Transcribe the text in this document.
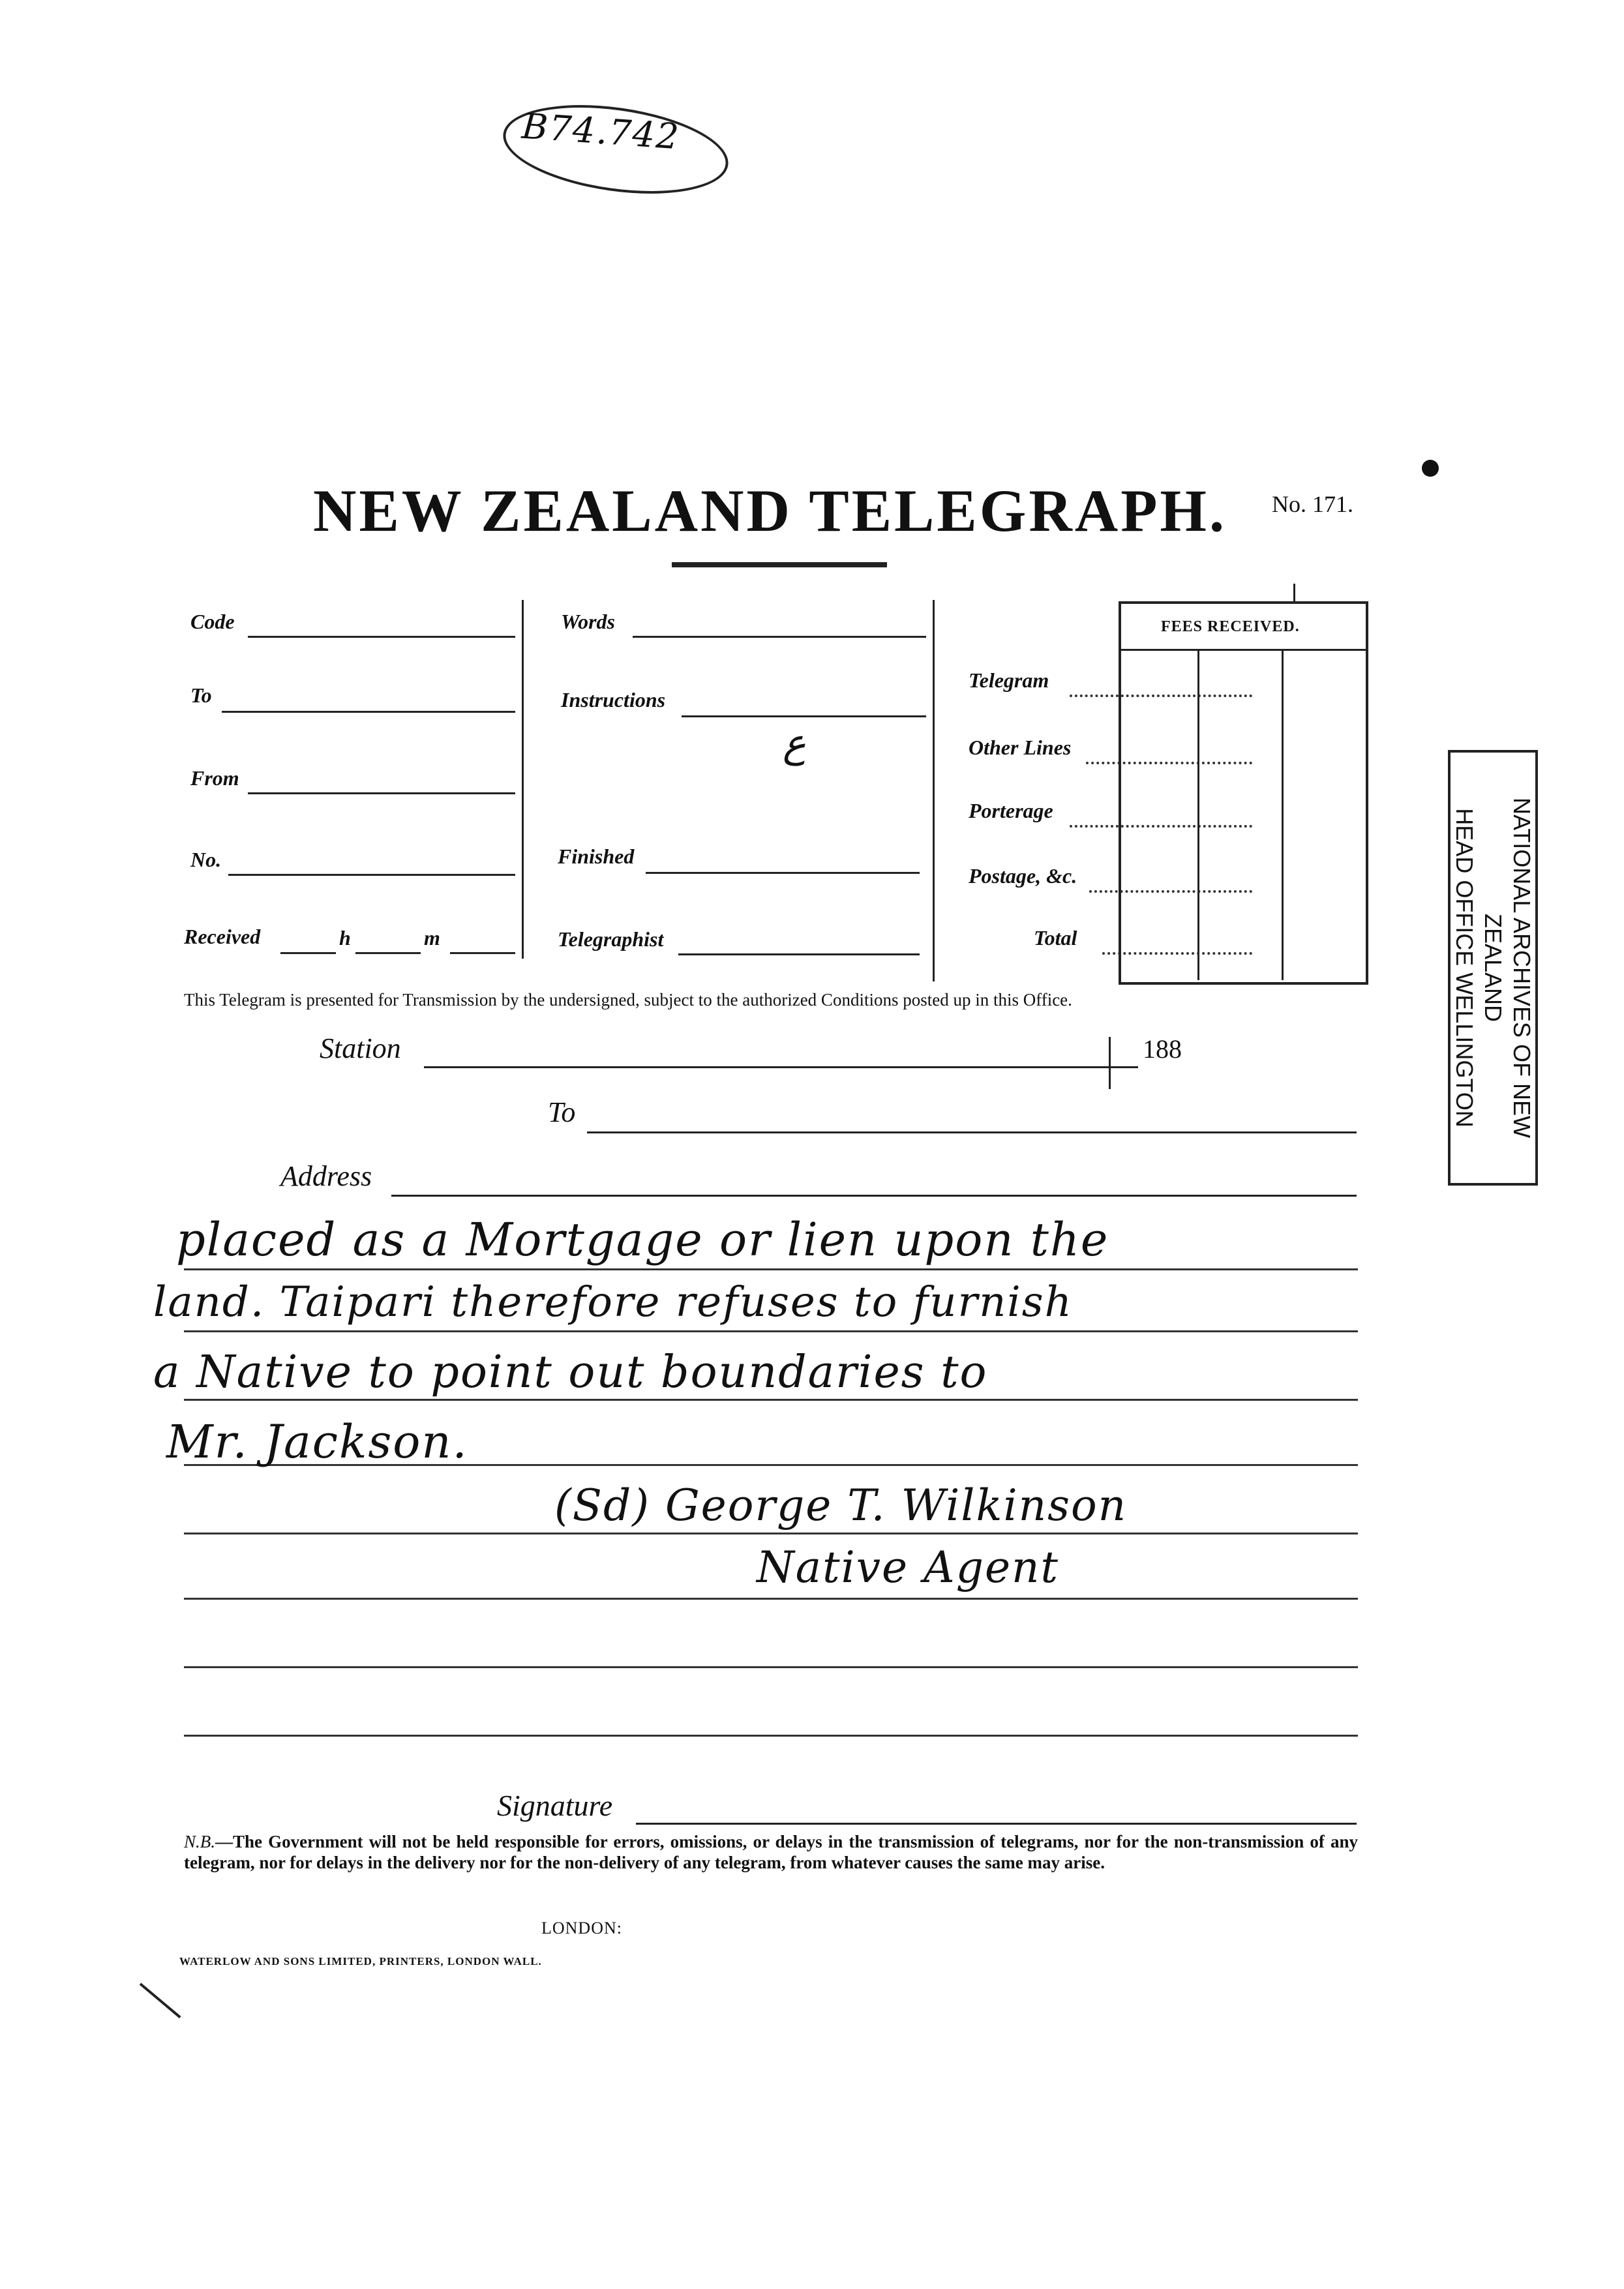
B74.742
NEW ZEALAND TELEGRAPH. No. 171.
Code
To
From
No.
Received	h	m
Words
Instructions
ع
Finished
Telegraphist
Telegram
Other Lines
Porterage
Postage, &c.
Total
FEES RECEIVED.
This Telegram is presented for Transmission by the undersigned, subject to the authorized Conditions posted up in this Office.
Station	188
To
Address
placed as a Mortgage or lien upon the
land. Taipari therefore refuses to furnish
a Native to point out boundaries to
Mr. Jackson.
(Sd) George T. Wilkinson
Native Agent
Signature
N.B.—The Government will not be held responsible for errors, omissions, or delays in the transmission of telegrams, nor for the non-transmission of any telegram, nor for delays in the delivery nor for the non-delivery of any telegram, from whatever causes the same may arise.
LONDON:
WATERLOW AND SONS LIMITED, PRINTERS, LONDON WALL.
NATIONAL ARCHIVES OF NEW ZEALAND
HEAD OFFICE WELLINGTON
